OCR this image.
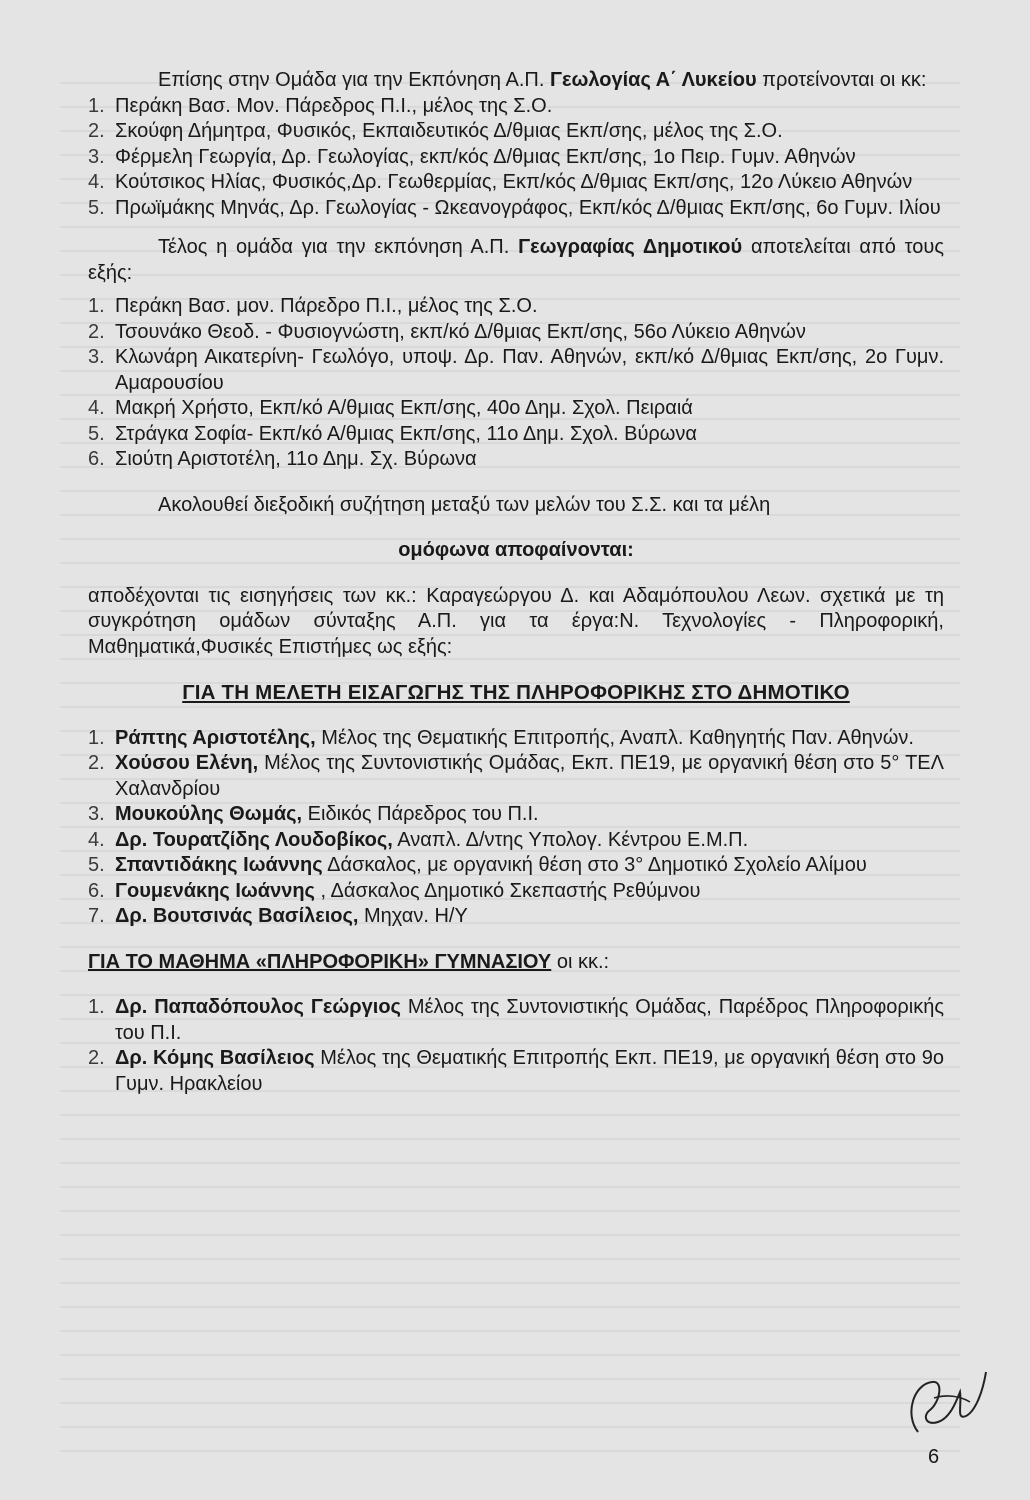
Επίσης στην Ομάδα για την Εκπόνηση Α.Π. Γεωλογίας Α΄ Λυκείου προτείνονται οι κκ:

1. Περάκη Βασ. Μον. Πάρεδρος Π.Ι., μέλος της Σ.Ο.
2. Σκούφη Δήμητρα, Φυσικός, Εκπαιδευτικός Δ/θμιας Εκπ/σης, μέλος της Σ.Ο.
3. Φέρμελη Γεωργία, Δρ. Γεωλογίας, εκπ/κός Δ/θμιας Εκπ/σης, 1ο Πειρ. Γυμν. Αθηνών
4. Κούτσικος Ηλίας, Φυσικός,Δρ. Γεωθερμίας, Εκπ/κός Δ/θμιας Εκπ/σης, 12ο Λύκειο Αθηνών
5. Πρωϊμάκης Μηνάς, Δρ. Γεωλογίας - Ωκεανογράφος, Εκπ/κός Δ/θμιας Εκπ/σης, 6ο Γυμν. Ιλίου

Τέλος η ομάδα για την εκπόνηση Α.Π. Γεωγραφίας Δημοτικού αποτελείται από τους εξής:

1. Περάκη Βασ. μον. Πάρεδρο Π.Ι., μέλος της Σ.Ο.
2. Τσουνάκο Θεοδ. - Φυσιογνώστη, εκπ/κό Δ/θμιας Εκπ/σης, 56ο Λύκειο Αθηνών
3. Κλωνάρη Αικατερίνη- Γεωλόγο, υποψ. Δρ. Παν. Αθηνών, εκπ/κό Δ/θμιας Εκπ/σης, 2ο Γυμν. Αμαρουσίου
4. Μακρή Χρήστο, Εκπ/κό Α/θμιας Εκπ/σης, 40ο Δημ. Σχολ. Πειραιά
5. Στράγκα Σοφία- Εκπ/κό Α/θμιας Εκπ/σης, 11ο Δημ. Σχολ. Βύρωνα
6. Σιούτη Αριστοτέλη, 11ο Δημ. Σχ. Βύρωνα

Ακολουθεί διεξοδική συζήτηση μεταξύ των μελών του Σ.Σ. και τα μέλη

ομόφωνα αποφαίνονται:

αποδέχονται τις εισηγήσεις των κκ.: Καραγεώργου Δ. και Αδαμόπουλου Λεων. σχετικά με τη συγκρότηση ομάδων σύνταξης Α.Π. για τα έργα:Ν. Τεχνολογίες - Πληροφορική, Μαθηματικά,Φυσικές Επιστήμες ως εξής:

ΓΙΑ ΤΗ ΜΕΛΕΤΗ ΕΙΣΑΓΩΓΗΣ ΤΗΣ ΠΛΗΡΟΦΟΡΙΚΗΣ ΣΤΟ ΔΗΜΟΤΙΚΟ

1. Ράπτης Αριστοτέλης, Μέλος της Θεματικής Επιτροπής, Αναπλ. Καθηγητής Παν. Αθηνών.
2. Χούσου Ελένη, Μέλος της Συντονιστικής Ομάδας, Εκπ. ΠΕ19, με οργανική θέση στο 5° ΤΕΛ Χαλανδρίου
3. Μουκούλης Θωμάς, Ειδικός Πάρεδρος του Π.Ι.
4. Δρ. Τουρατζίδης Λουδοβίκος, Αναπλ. Δ/ντης Υπολογ. Κέντρου Ε.Μ.Π.
5. Σπαντιδάκης Ιωάννης Δάσκαλος, με οργανική θέση στο 3° Δημοτικό Σχολείο Αλίμου
6. Γουμενάκης Ιωάννης , Δάσκαλος Δημοτικό Σκεπαστής Ρεθύμνου
7. Δρ. Βουτσινάς Βασίλειος, Μηχαν. Η/Υ

ΓΙΑ ΤΟ ΜΑΘΗΜΑ «ΠΛΗΡΟΦΟΡΙΚΗ» ΓΥΜΝΑΣΙΟΥ οι κκ.:

1. Δρ. Παπαδόπουλος Γεώργιος Μέλος της Συντονιστικής Ομάδας, Παρέδρος Πληροφορικής του Π.Ι.
2. Δρ. Κόμης Βασίλειος Μέλος της Θεματικής Επιτροπής Εκπ. ΠΕ19, με οργανική θέση στο 9ο Γυμν. Ηρακλείου
6
